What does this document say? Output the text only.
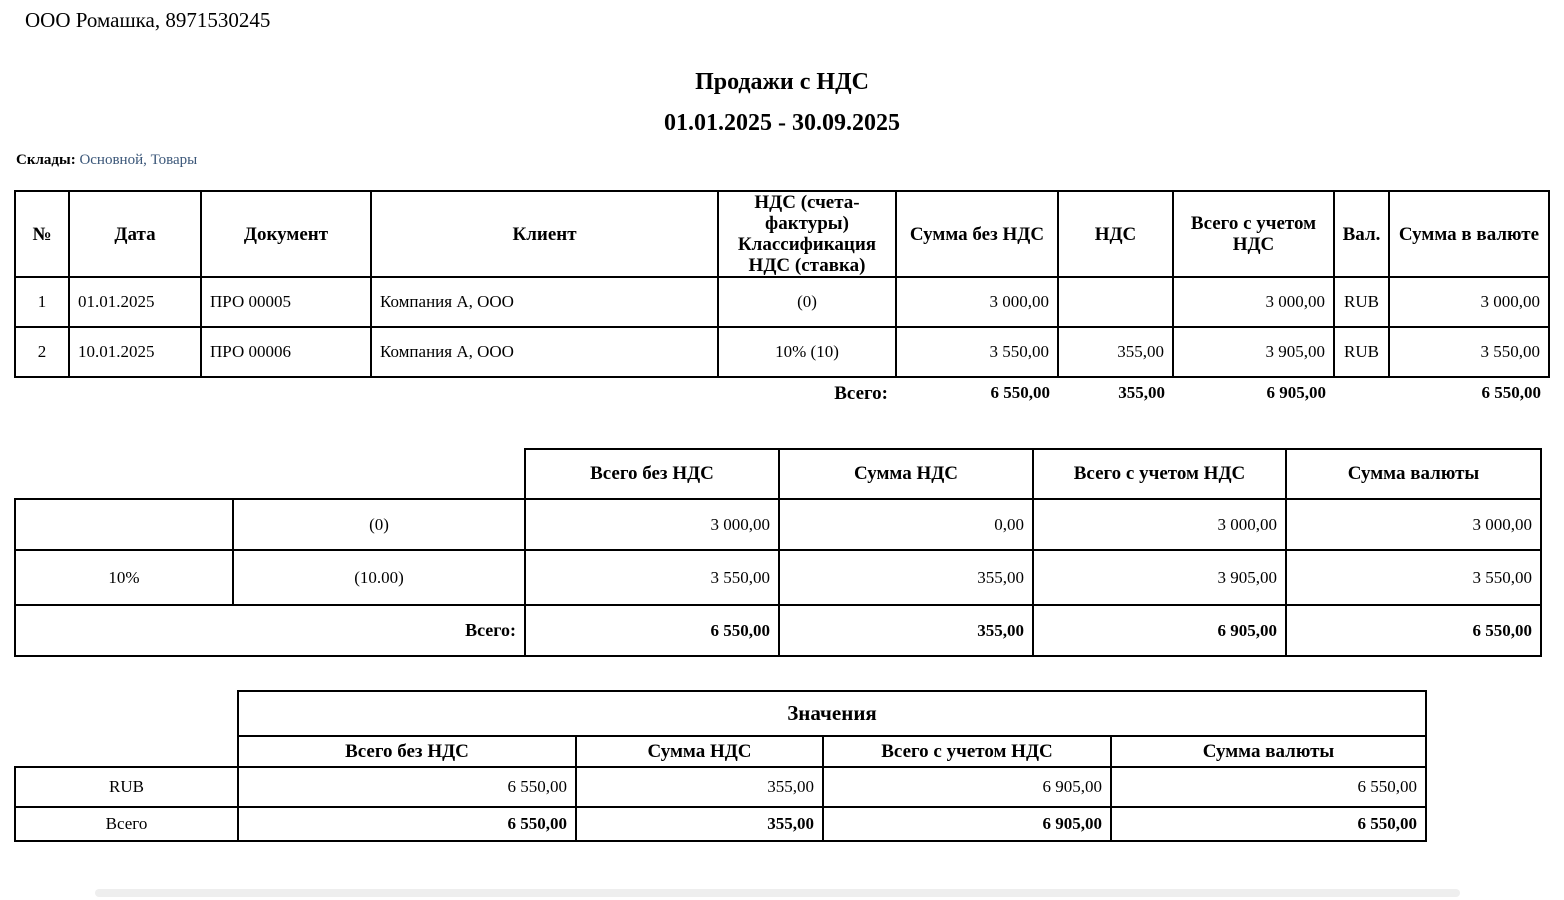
ООО Ромашка, 8971530245
Продажи с НДС
01.01.2025 - 30.09.2025
Склады: Основной, Товары
№	Дата	Документ	Клиент	НДС (счета-фактуры) Классификация НДС (ставка)	Сумма без НДС	НДС	Всего с учетом НДС	Вал.	Сумма в валюте
1	01.01.2025	ПРО 00005	Компания А, ООО	(0)	3 000,00		3 000,00	RUB	3 000,00
2	10.01.2025	ПРО 00006	Компания А, ООО	10% (10)	3 550,00	355,00	3 905,00	RUB	3 550,00
				Всего:	6 550,00	355,00	6 905,00		6 550,00
		Всего без НДС	Сумма НДС	Всего с учетом НДС	Сумма валюты
	(0)	3 000,00	0,00	3 000,00	3 000,00
10%	(10.00)	3 550,00	355,00	3 905,00	3 550,00
Всего:		6 550,00	355,00	6 905,00	6 550,00
	Значения			
	Всего без НДС	Сумма НДС	Всего с учетом НДС	Сумма валюты
RUB	6 550,00	355,00	6 905,00	6 550,00
Всего	6 550,00	355,00	6 905,00	6 550,00
